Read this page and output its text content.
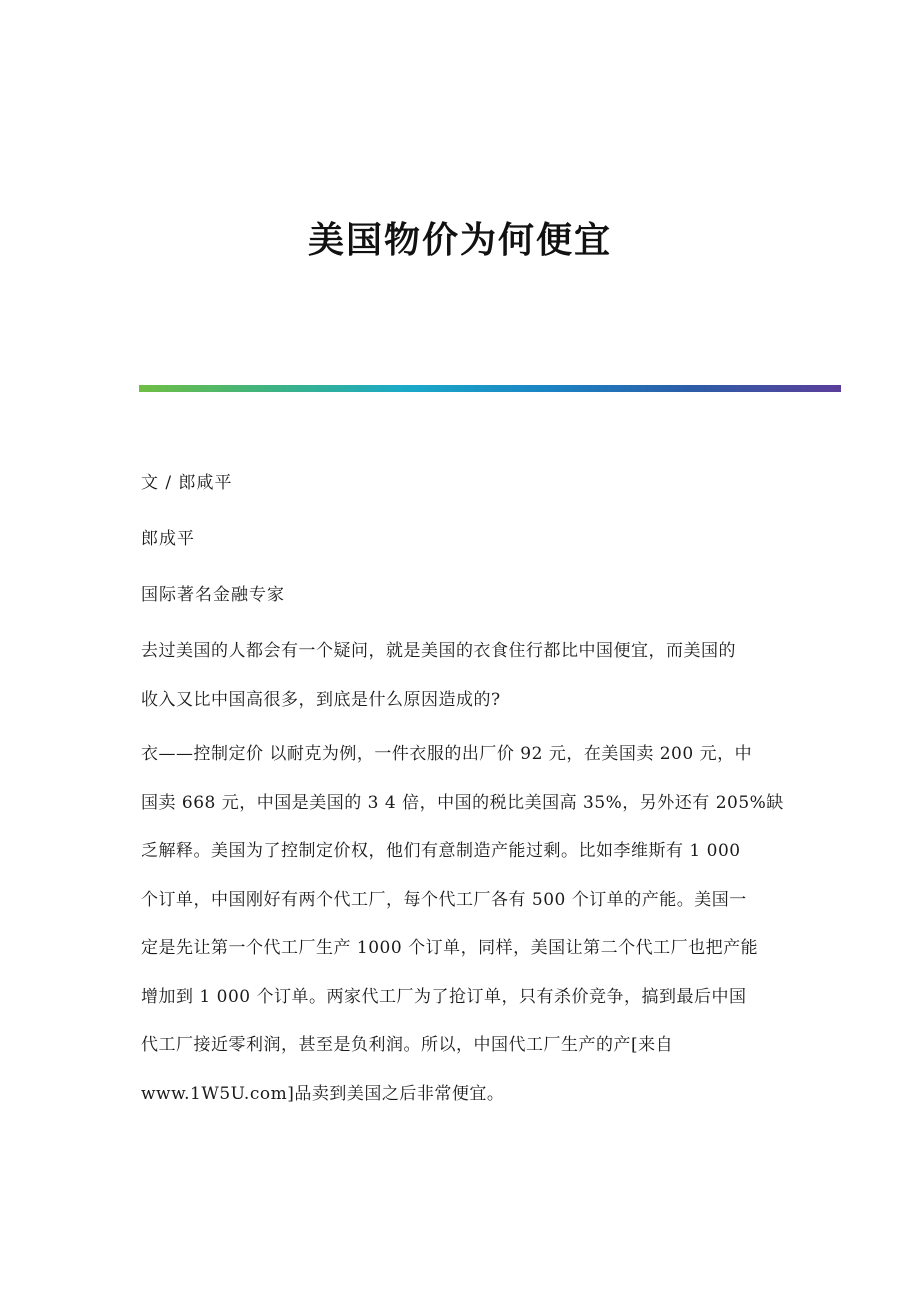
美国物价为何便宜

文 / 郎咸平

郎成平

国际著名金融专家

去过美国的人都会有一个疑问，就是美国的衣食住行都比中国便宜，而美国的
收入又比中国高很多，到底是什么原因造成的?
衣——控制定价 以耐克为例，一件衣服的出厂价 92 元，在美国卖 200 元，中
国卖 668 元，中国是美国的 3 4 倍，中国的税比美国高 35%，另外还有 205%缺
乏解释。美国为了控制定价权，他们有意制造产能过剩。比如李维斯有 1 000
个订单，中国刚好有两个代工厂，每个代工厂各有 500 个订单的产能。美国一
定是先让第一个代工厂生产 1000 个订单，同样，美国让第二个代工厂也把产能
增加到 1 000 个订单。两家代工厂为了抢订单，只有杀价竞争，搞到最后中国
代工厂接近零利润，甚至是负利润。所以，中国代工厂生产的产[来自
www.1W5U.com]品卖到美国之后非常便宜。
